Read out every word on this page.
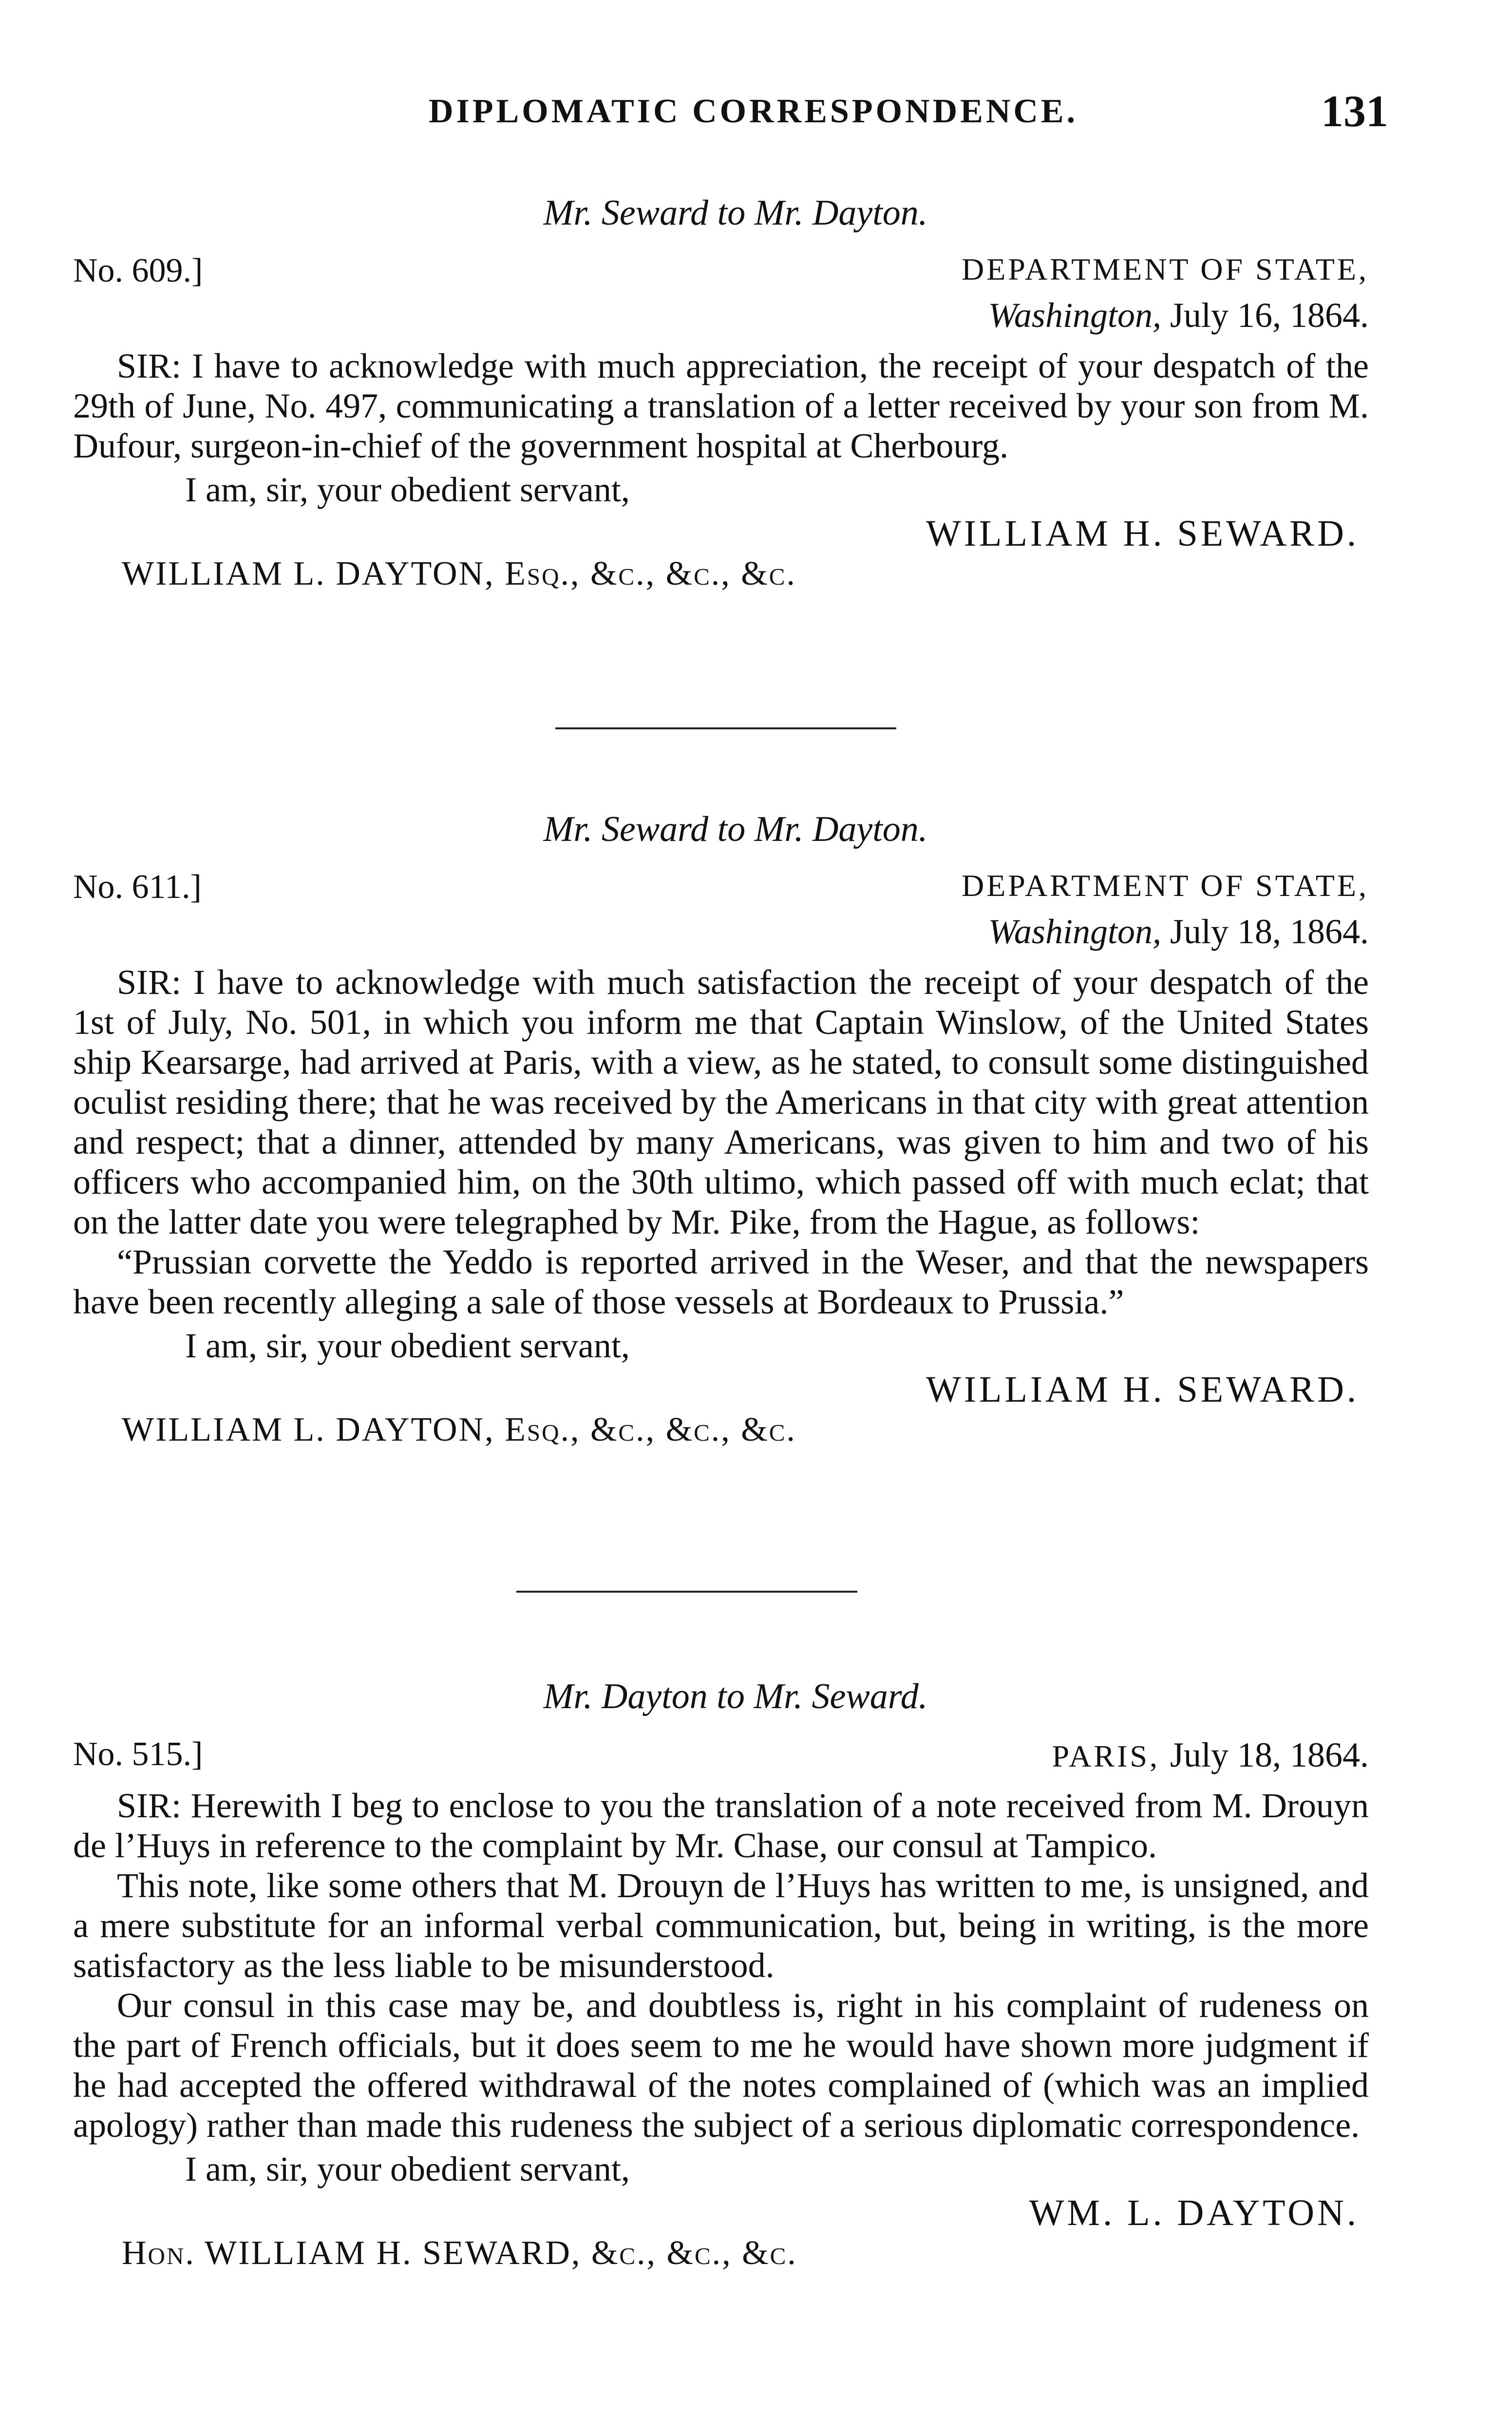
DIPLOMATIC CORRESPONDENCE.	131
Mr. Seward to Mr. Dayton.
No. 609.]	DEPARTMENT OF STATE,
Washington, July 16, 1864.

SIR: I have to acknowledge with much appreciation, the receipt of your despatch of the 29th of June, No. 497, communicating a translation of a letter received by your son from M. Dufour, surgeon-in-chief of the government hospital at Cherbourg.

I am, sir, your obedient servant,
WILLIAM H. SEWARD.
WILLIAM L. DAYTON, Esq., &c., &c., &c.
Mr. Seward to Mr. Dayton.
No. 611.]	DEPARTMENT OF STATE,
Washington, July 18, 1864.

SIR: I have to acknowledge with much satisfaction the receipt of your despatch of the 1st of July, No. 501, in which you inform me that Captain Winslow, of the United States ship Kearsarge, had arrived at Paris, with a view, as he stated, to consult some distinguished oculist residing there; that he was received by the Americans in that city with great attention and respect; that a dinner, attended by many Americans, was given to him and two of his officers who accompanied him, on the 30th ultimo, which passed off with much eclat; that on the latter date you were telegraphed by Mr. Pike, from the Hague, as follows:

“Prussian corvette the Yeddo is reported arrived in the Weser, and that the newspapers have been recently alleging a sale of those vessels at Bordeaux to Prussia.”

I am, sir, your obedient servant,
WILLIAM H. SEWARD.
WILLIAM L. DAYTON, Esq., &c., &c., &c.
Mr. Dayton to Mr. Seward.
No. 515.]	PARIS, July 18, 1864.

SIR: Herewith I beg to enclose to you the translation of a note received from M. Drouyn de l’Huys in reference to the complaint by Mr. Chase, our consul at Tampico.

This note, like some others that M. Drouyn de l’Huys has written to me, is unsigned, and a mere substitute for an informal verbal communication, but, being in writing, is the more satisfactory as the less liable to be misunderstood.

Our consul in this case may be, and doubtless is, right in his complaint of rudeness on the part of French officials, but it does seem to me he would have shown more judgment if he had accepted the offered withdrawal of the notes complained of (which was an implied apology) rather than made this rudeness the subject of a serious diplomatic correspondence.

I am, sir, your obedient servant,
WM. L. DAYTON.
Hon. WILLIAM H. SEWARD, &c., &c., &c.
